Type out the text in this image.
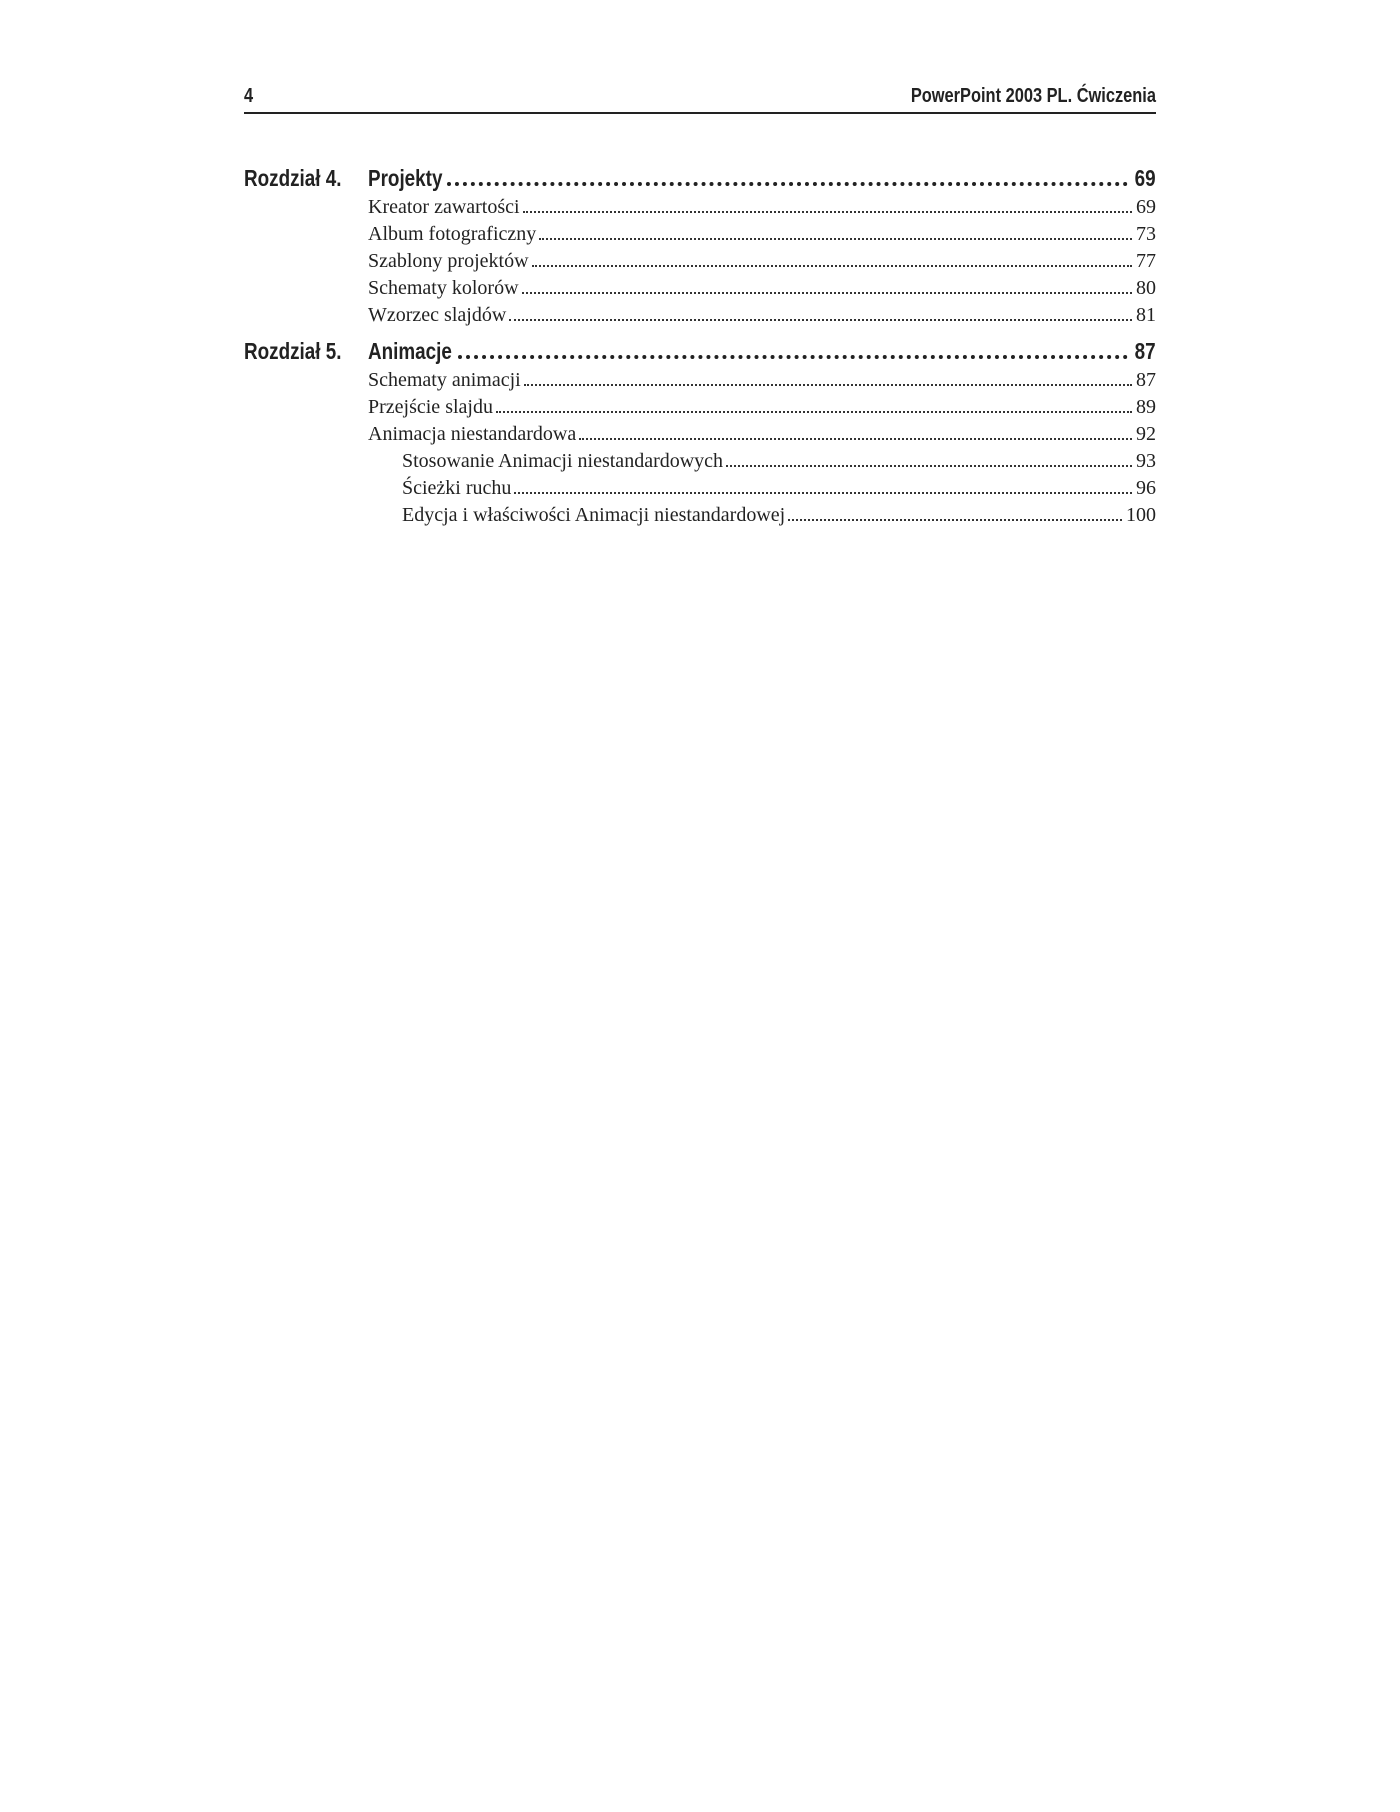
4	PowerPoint 2003 PL. Ćwiczenia
Rozdział 4. Projekty	69
Kreator zawartości	69
Album fotograficzny	73
Szablony projektów	77
Schematy kolorów	80
Wzorzec slajdów	81
Rozdział 5. Animacje	87
Schematy animacji	87
Przejście slajdu	89
Animacja niestandardowa	92
Stosowanie Animacji niestandardowych	93
Ścieżki ruchu	96
Edycja i właściwości Animacji niestandardowej	100
